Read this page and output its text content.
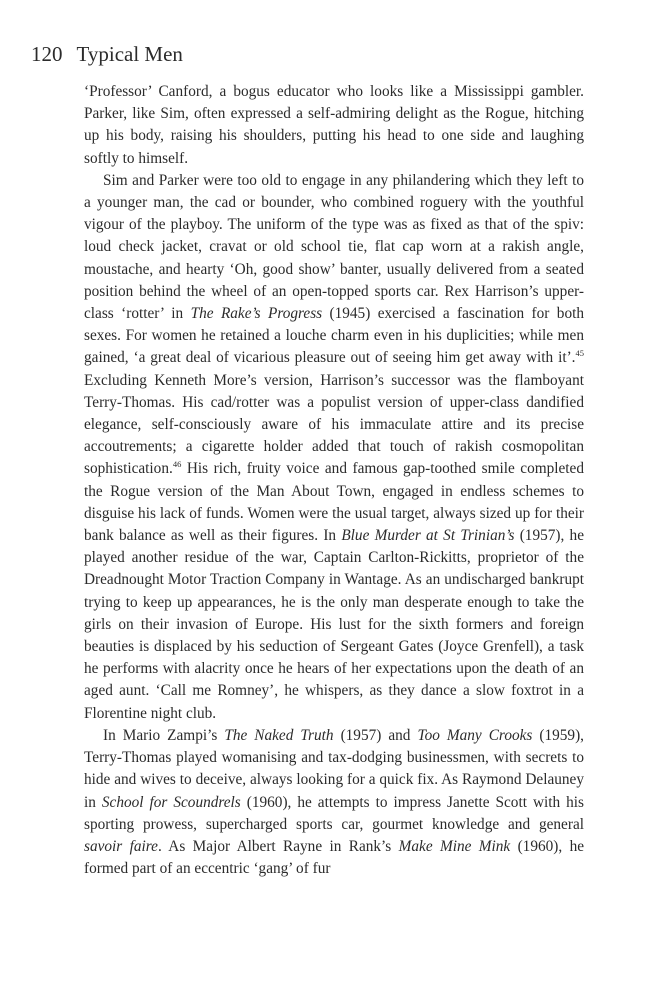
120 Typical Men

‘Professor’ Canford, a bogus educator who looks like a Mississippi gambler. Parker, like Sim, often expressed a self-admiring delight as the Rogue, hitching up his body, raising his shoulders, putting his head to one side and laughing softly to himself.

Sim and Parker were too old to engage in any philandering which they left to a younger man, the cad or bounder, who combined roguery with the youthful vigour of the playboy. The uniform of the type was as fixed as that of the spiv: loud check jacket, cravat or old school tie, flat cap worn at a rakish angle, moustache, and hearty ‘Oh, good show’ banter, usually delivered from a seated position behind the wheel of an open-topped sports car. Rex Harrison’s upper-class ‘rotter’ in The Rake’s Progress (1945) exercised a fascination for both sexes. For women he retained a louche charm even in his duplicities; while men gained, ‘a great deal of vicarious pleasure out of seeing him get away with it’.$^{45}$ Excluding Kenneth More’s version, Harrison’s successor was the flamboyant Terry-Thomas. His cad/rotter was a populist version of upper-class dandified elegance, self-consciously aware of his immaculate attire and its precise accoutrements; a cigarette holder added that touch of rakish cosmopolitan sophistication.$^{46}$ His rich, fruity voice and famous gap-toothed smile completed the Rogue version of the Man About Town, engaged in endless schemes to disguise his lack of funds. Women were the usual target, always sized up for their bank balance as well as their figures. In Blue Murder at St Trinian’s (1957), he played another residue of the war, Captain Carlton-Rickitts, proprietor of the Dreadnought Motor Traction Company in Wantage. As an undischarged bankrupt trying to keep up appearances, he is the only man desperate enough to take the girls on their invasion of Europe. His lust for the sixth formers and foreign beauties is displaced by his seduction of Sergeant Gates (Joyce Grenfell), a task he performs with alacrity once he hears of her expectations upon the death of an aged aunt. ‘Call me Romney’, he whispers, as they dance a slow foxtrot in a Florentine night club.

In Mario Zampi’s The Naked Truth (1957) and Too Many Crooks (1959), Terry-Thomas played womanising and tax-dodging businessmen, with secrets to hide and wives to deceive, always looking for a quick fix. As Raymond Delauney in School for Scoundrels (1960), he attempts to impress Janette Scott with his sporting prowess, supercharged sports car, gourmet knowledge and general savoir faire. As Major Albert Rayne in Rank’s Make Mine Mink (1960), he formed part of an eccentric ‘gang’ of fur
